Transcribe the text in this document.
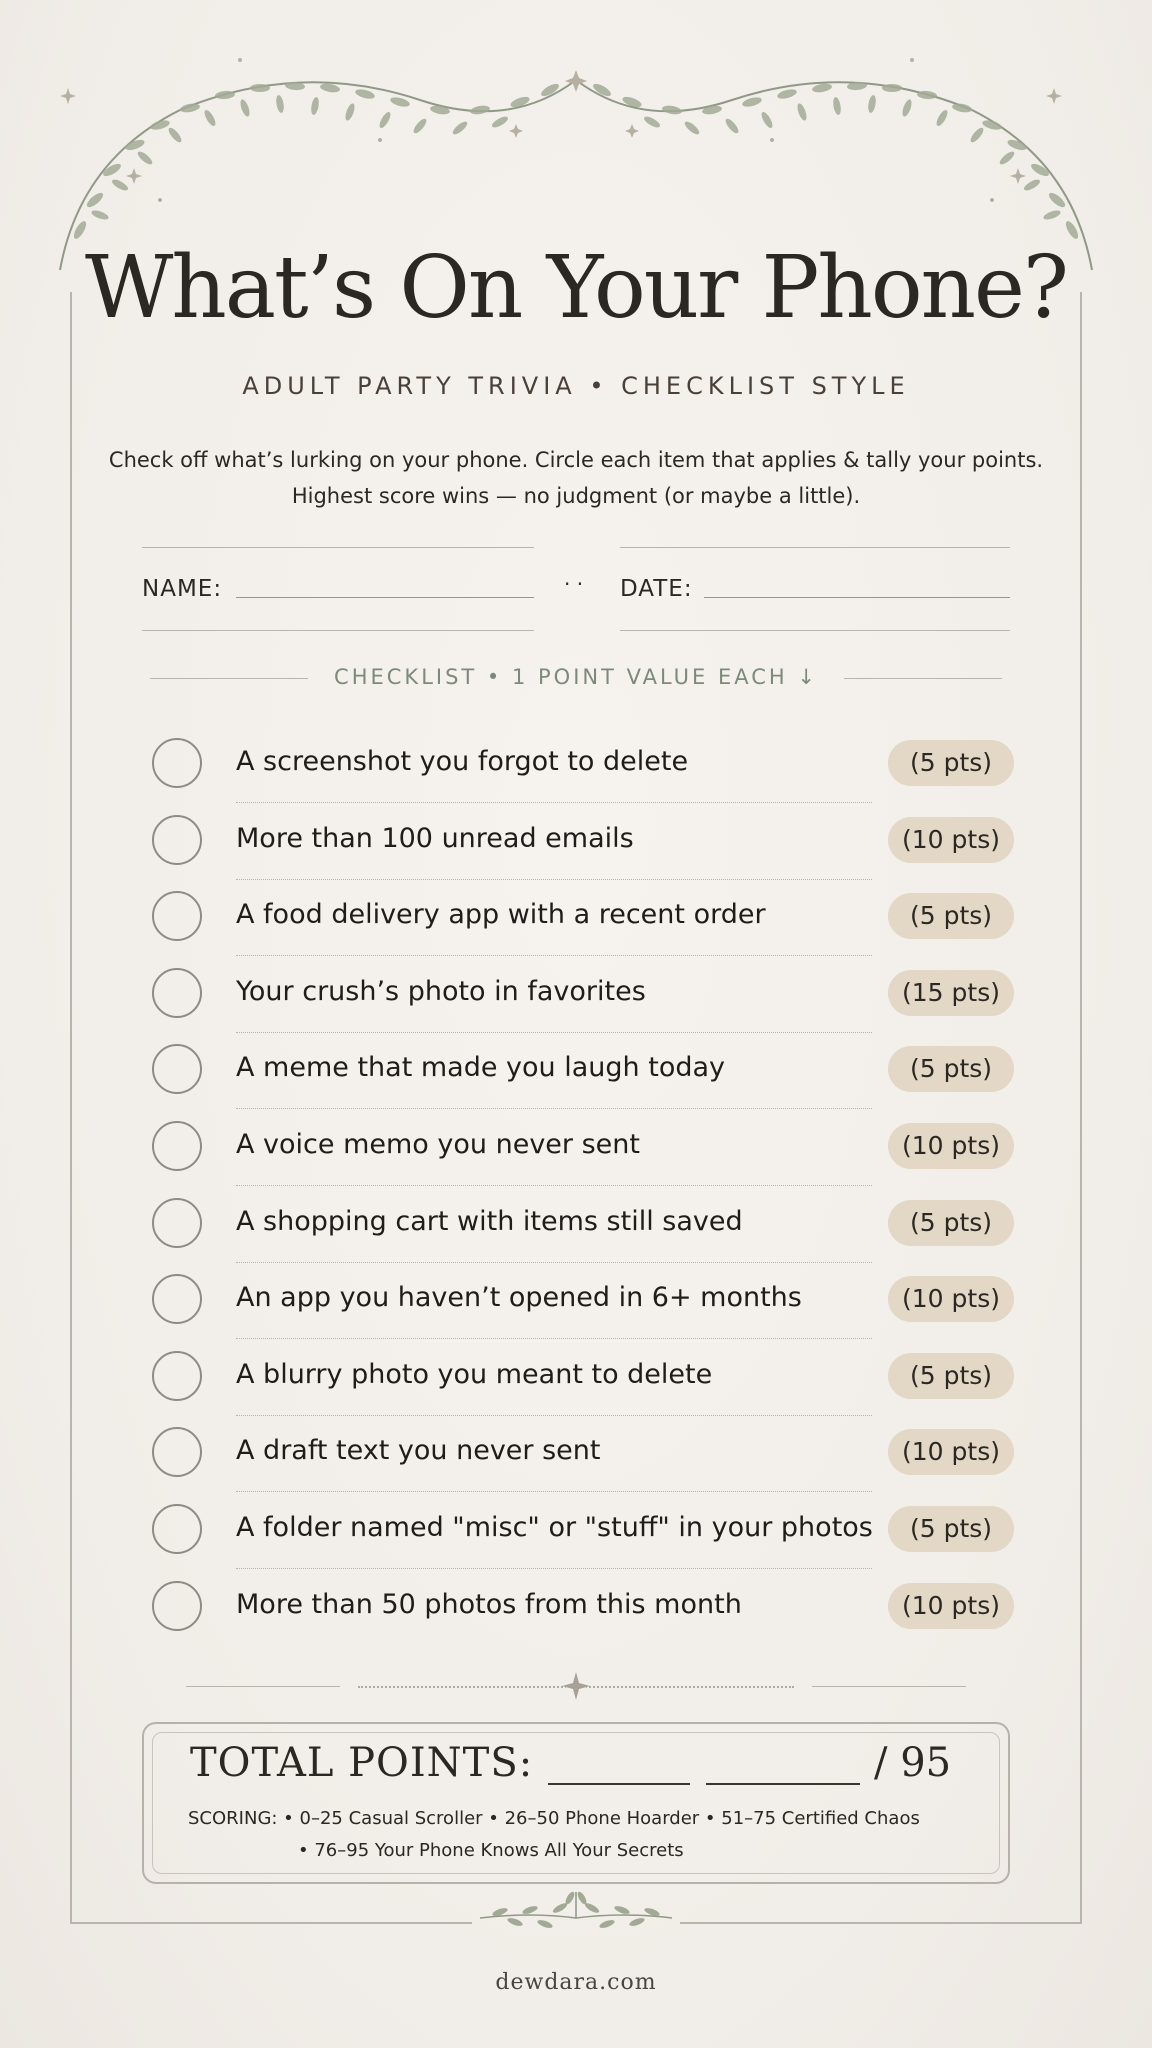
What’s On Your Phone?
ADULT PARTY TRIVIA • CHECKLIST STYLE
Check off what’s lurking on your phone. Circle each item that applies & tally your points.
Highest score wins — no judgment (or maybe a little).
NAME:	· · DATE:
CHECKLIST • 1 POINT VALUE EACH ↓
A screenshot you forgot to delete	(5 pts)
More than 100 unread emails	(10 pts)
A food delivery app with a recent order	(5 pts)
Your crush’s photo in favorites	(15 pts)
A meme that made you laugh today	(5 pts)
A voice memo you never sent	(10 pts)
A shopping cart with items still saved	(5 pts)
An app you haven’t opened in 6+ months	(10 pts)
A blurry photo you meant to delete	(5 pts)
A draft text you never sent	(10 pts)
A folder named "misc" or "stuff" in your photos	(5 pts)
More than 50 photos from this month	(10 pts)
TOTAL POINTS:	/ 95
SCORING: • 0–25 Casual Scroller • 26–50 Phone Hoarder • 51–75 Certified Chaos
• 76–95 Your Phone Knows All Your Secrets
dewdara.com
